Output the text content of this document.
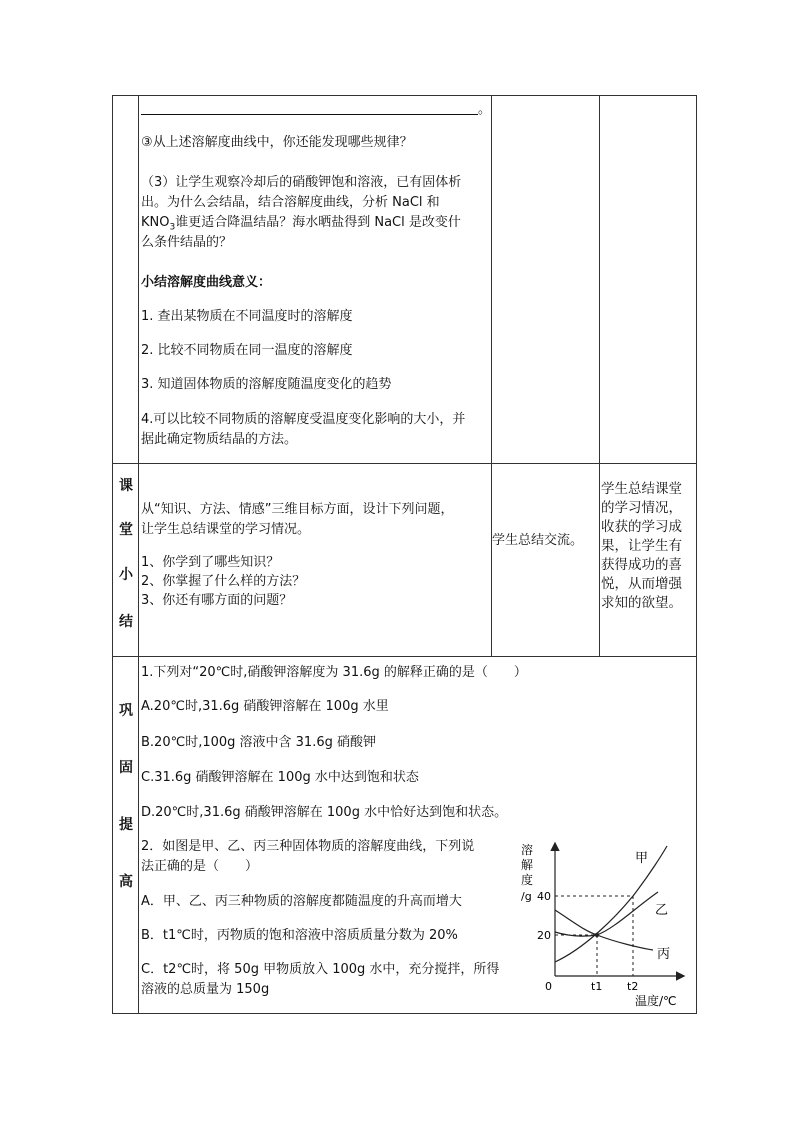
。
③从上述溶解度曲线中，你还能发现哪些规律？
（3）让学生观察冷却后的硝酸钾饱和溶液，已有固体析
出。为什么会结晶，结合溶解度曲线，分析 NaCl 和
$KNO_3$谁更适合降温结晶？海水晒盐得到 NaCl 是改变什
么条件结晶的？
小结溶解度曲线意义：
1. 查出某物质在不同温度时的溶解度
2. 比较不同物质在同一温度的溶解度
3. 知道固体物质的溶解度随温度变化的趋势
4.可以比较不同物质的溶解度受温度变化影响的大小，并
据此确定物质结晶的方法。
课
堂
小
结
从“知识、方法、情感”三维目标方面，设计下列问题，
让学生总结课堂的学习情况。
1、你学到了哪些知识？
2、你掌握了什么样的方法？
3、你还有哪方面的问题？
学生总结交流。
学生总结课堂
的学习情况，
收获的学习成
果，让学生有
获得成功的喜
悦，从而增强
求知的欲望。
巩
固
提
高
1.下列对“20℃时,硝酸钾溶解度为 31.6g 的解释正确的是（　　）
A.20℃时,31.6g 硝酸钾溶解在 100g 水里
B.20℃时,100g 溶液中含 31.6g 硝酸钾
C.31.6g 硝酸钾溶解在 100g 水中达到饱和状态
D.20℃时,31.6g 硝酸钾溶解在 100g 水中恰好达到饱和状态。
2．如图是甲、乙、丙三种固体物质的溶解度曲线，下列说
法正确的是（　　）
A．甲、乙、丙三种物质的溶解度都随温度的升高而增大
B．t1℃时，丙物质的饱和溶液中溶质质量分数为 20%
C．t2℃时，将 50g 甲物质放入 100g 水中，充分搅拌，所得
溶液的总质量为 150g
溶
解
度
/g
20
40
0	t1 t2
温度/℃
甲
乙
丙
